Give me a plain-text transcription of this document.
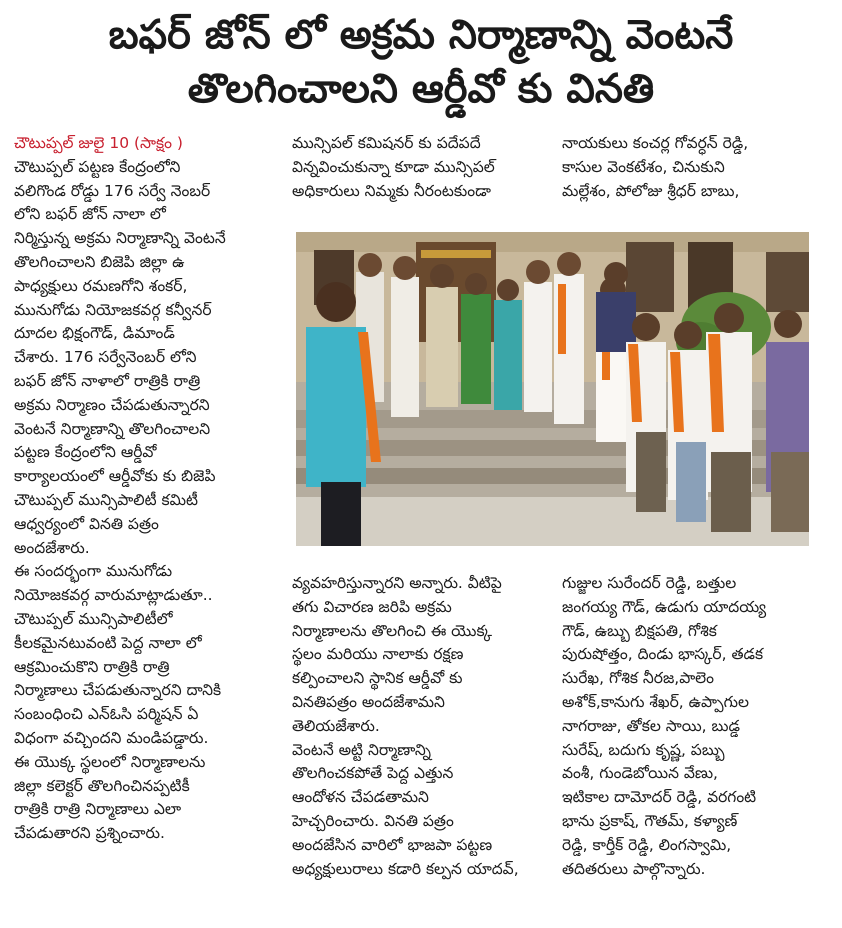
బఫర్ జోన్ లో అక్రమ నిర్మాణాన్ని వెంటనే
తొలగించాలని ఆర్డీవో కు వినతి

చౌటుప్పల్ జులై 10 (సాక్షం )

చౌటుప్పల్ పట్టణ కేంద్రంలోని

వలిగొండ రోడ్డు 176 సర్వే నెంబర్

లోని బఫర్ జోన్ నాలా లో

నిర్మిస్తున్న అక్రమ నిర్మాణాన్ని వెంటనే

తొలగించాలని బిజెపి జిల్లా ఉ

పాధ్యక్షులు రమణగోని శంకర్,

మునుగోడు నియోజకవర్గ కన్వీనర్

దూదల భిక్షంగౌడ్, డిమాండ్

చేశారు. 176 సర్వేనెంబర్ లోని

బఫర్ జోన్ నాళాలో రాత్రికి రాత్రి

అక్రమ నిర్మాణం చేపడుతున్నారని

వెంటనే నిర్మాణాన్ని తొలగించాలని

పట్టణ కేంద్రంలోని ఆర్డీవో

కార్యాలయంలో ఆర్డీవోకు కు బిజెపి

చౌటుప్పల్ మున్సిపాలిటీ కమిటీ

ఆధ్వర్యంలో వినతి పత్రం

అందజేశారు.

ఈ సందర్భంగా మునుగోడు

నియోజకవర్గ వారుమాట్లాడుతూ..

చౌటుప్పల్ మున్సిపాలిటీలో

కీలకమైనటువంటి పెద్ద నాలా లో

ఆక్రమించుకొని రాత్రికి రాత్రి

నిర్మాణాలు చేపడుతున్నారని దానికి

సంబంధించి ఎన్ఓసి పర్మిషన్ ఏ

విధంగా వచ్చిందని మండిపడ్డారు.

ఈ యొక్క స్థలంలో నిర్మాణాలను

జిల్లా కలెక్టర్ తొలగించినప్పటికీ

రాత్రికి రాత్రి నిర్మాణాలు ఎలా

చేపడుతారని ప్రశ్నించారు.

మున్సిపల్ కమిషనర్ కు పదేపదే

విన్నవించుకున్నా కూడా మున్సిపల్

అధికారులు నిమ్మకు నీరంటకుండా

నాయకులు కంచర్ల గోవర్ధన్ రెడ్డి,

కాసుల వెంకటేశం, చినుకుని

మల్లేశం, పోలోజు శ్రీధర్ బాబు,

వ్యవహరిస్తున్నారని అన్నారు. వీటిపై

తగు విచారణ జరిపి అక్రమ

నిర్మాణాలను తొలగించి ఈ యొక్క

స్థలం మరియు నాలాకు రక్షణ

కల్పించాలని స్థానిక ఆర్డీవో కు

వినతిపత్రం అందజేశామని

తెలియజేశారు.

వెంటనే అట్టి నిర్మాణాన్ని

తొలగించకపోతే పెద్ద ఎత్తున

ఆందోళన చేపడతామని

హెచ్చరించారు. వినతి పత్రం

అందజేసిన వారిలో భాజపా పట్టణ

అధ్యక్షులురాలు కడారి కల్పన యాదవ్,

గుజ్జుల సురేందర్ రెడ్డి, బత్తుల

జంగయ్య గౌడ్, ఉడుగు యాదయ్య

గౌడ్, ఉబ్బు బిక్షపతి, గోశిక

పురుషోత్తం, దిండు భాస్కర్, తడక

సురేఖ, గోశిక నీరజ,పాలెం

అశోక్,కానుగు శేఖర్, ఉప్పాగుల

నాగరాజు, తోకల సాయి, బుడ్డ

సురేష్, బదుగు కృష్ణ, పబ్బు

వంశీ, గుండెబోయిన వేణు,

ఇటికాల దామోదర్ రెడ్డి, వరగంటి

భాను ప్రకాష్, గౌతమ్, కళ్యాణ్

రెడ్డి, కార్తీక్ రెడ్డి, లింగస్వామి,

తదితరులు పాల్గొన్నారు.
